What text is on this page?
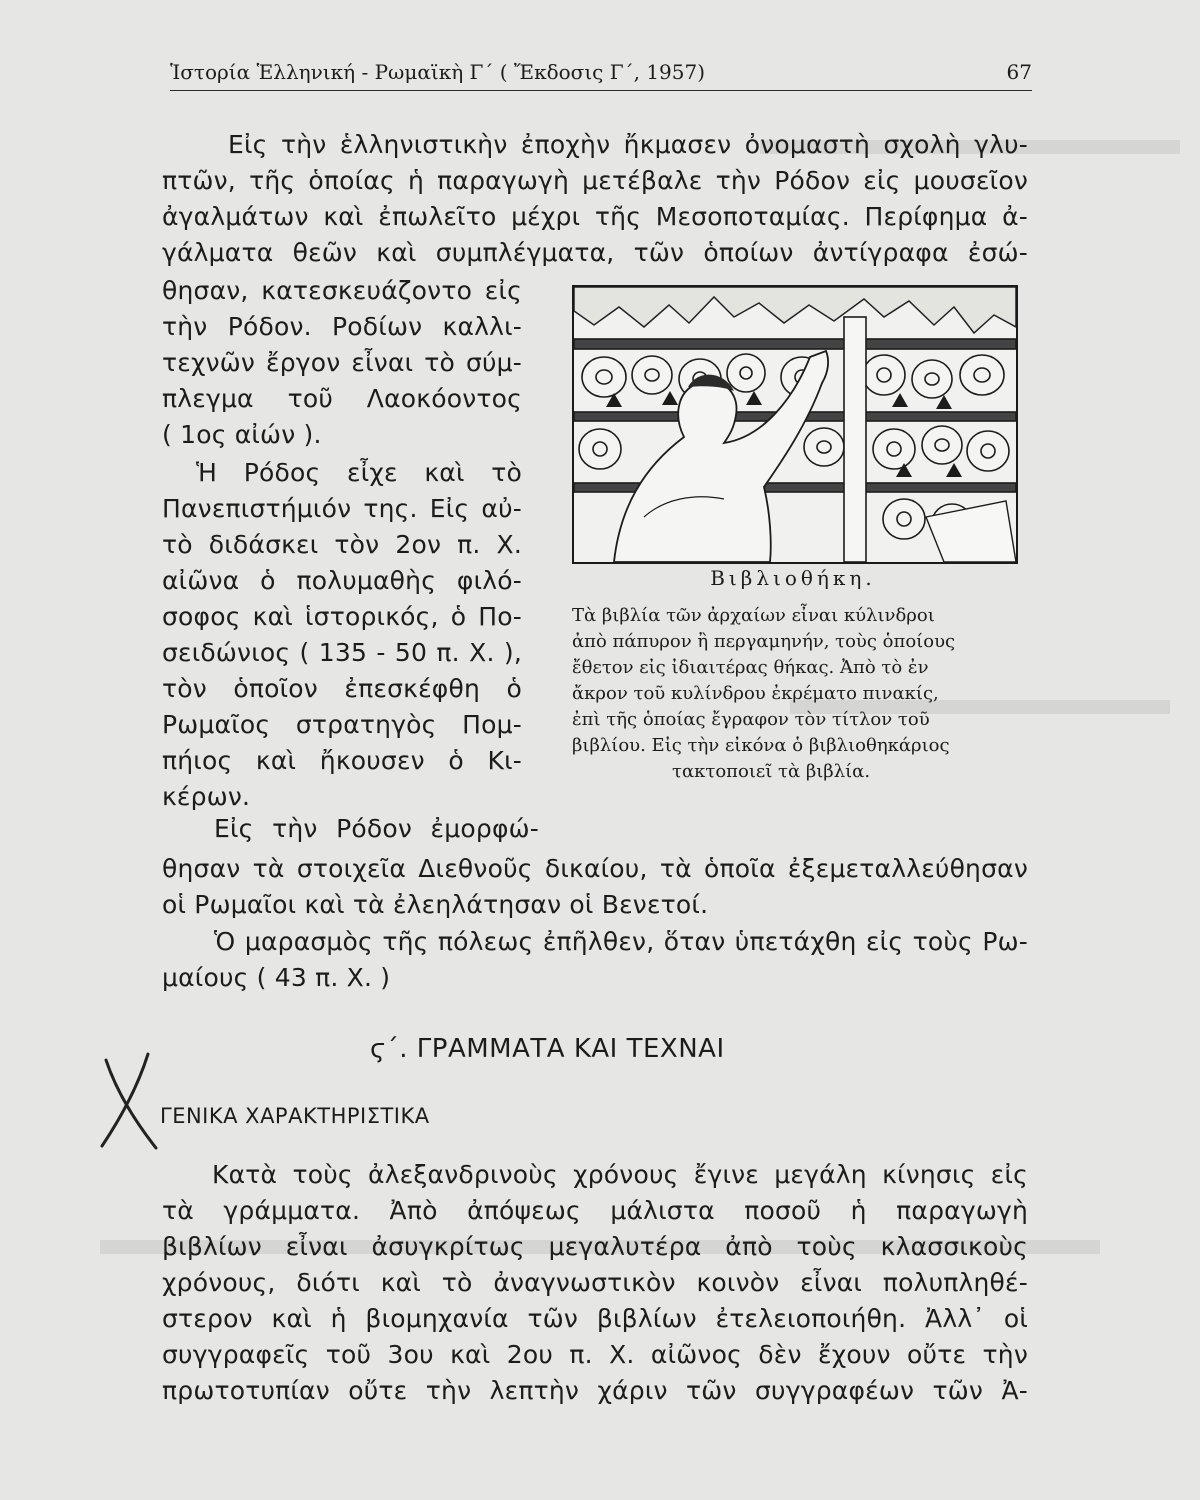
Ἱστορία Ἑλληνική - Ρωμαϊκὴ Γ΄ ( Ἔκδοσις Γ΄, 1957)	67
Εἰς τὴν ἑλληνιστικὴν ἐποχὴν ἤκμασεν ὀνομαστὴ σχολὴ γλυ-
πτῶν, τῆς ὁποίας ἡ παραγωγὴ μετέβαλε τὴν Ρόδον εἰς μουσεῖον
ἀγαλμάτων καὶ ἐπωλεῖτο μέχρι τῆς Μεσοποταμίας. Περίφημα ἀ-
γάλματα θεῶν καὶ συμπλέγματα, τῶν ὁποίων ἀντίγραφα ἐσώ-
θησαν, κατεσκευάζοντο εἰς
τὴν Ρόδον. Ροδίων καλλι-
τεχνῶν ἔργον εἶναι τὸ σύμ-
πλεγμα τοῦ Λαοκόοντος
( 1ος αἰών ).
Ἡ Ρόδος εἶχε καὶ τὸ
Πανεπιστήμιόν της. Εἰς αὐ-
τὸ διδάσκει τὸν 2ον π. Χ.
αἰῶνα ὁ πολυμαθὴς φιλό-
σοφος καὶ ἱστορικός, ὁ Πο-
σειδώνιος ( 135 - 50 π. Χ. ),
τὸν ὁποῖον ἐπεσκέφθη ὁ
Ρωμαῖος στρατηγὸς Πομ-
πήιος καὶ ἤκουσεν ὁ Κι-
κέρων.
Εἰς τὴν Ρόδον ἐμορφώ-
Βιβλιοθήκη.
Τὰ βιβλία τῶν ἀρχαίων εἶναι κύλινδροι
ἀπὸ πάπυρον ἢ περγαμηνήν, τοὺς ὁποίους
ἔθετον εἰς ἰδιαιτέρας θήκας. Ἀπὸ τὸ ἐν
ἄκρον τοῦ κυλίνδρου ἐκρέματο πινακίς,
ἐπὶ τῆς ὁποίας ἔγραφον τὸν τίτλον τοῦ
βιβλίου. Εἰς τὴν εἰκόνα ὁ βιβλιοθηκάριος
τακτοποιεῖ τὰ βιβλία.
θησαν τὰ στοιχεῖα Διεθνοῦς δικαίου, τὰ ὁποῖα ἐξεμεταλλεύθησαν
οἱ Ρωμαῖοι καὶ τὰ ἐλεηλάτησαν οἱ Βενετοί.
Ὁ μαρασμὸς τῆς πόλεως ἐπῆλθεν, ὅταν ὑπετάχθη εἰς τοὺς Ρω-
μαίους ( 43 π. Χ. )
ϛ΄. ΓΡΑΜΜΑΤΑ ΚΑΙ ΤΕΧΝΑΙ
ΓΕΝΙΚΑ ΧΑΡΑΚΤΗΡΙΣΤΙΚΑ
Κατὰ τοὺς ἀλεξανδρινοὺς χρόνους ἔγινε μεγάλη κίνησις εἰς
τὰ γράμματα. Ἀπὸ ἀπόψεως μάλιστα ποσοῦ ἡ παραγωγὴ
βιβλίων εἶναι ἀσυγκρίτως μεγαλυτέρα ἀπὸ τοὺς κλασσικοὺς
χρόνους, διότι καὶ τὸ ἀναγνωστικὸν κοινὸν εἶναι πολυπληθέ-
στερον καὶ ἡ βιομηχανία τῶν βιβλίων ἐτελειοποιήθη. Ἀλλ᾽ οἱ
συγγραφεῖς τοῦ 3ου καὶ 2ου π. Χ. αἰῶνος δὲν ἔχουν οὔτε τὴν
πρωτοτυπίαν οὔτε τὴν λεπτὴν χάριν τῶν συγγραφέων τῶν Ἀ-
